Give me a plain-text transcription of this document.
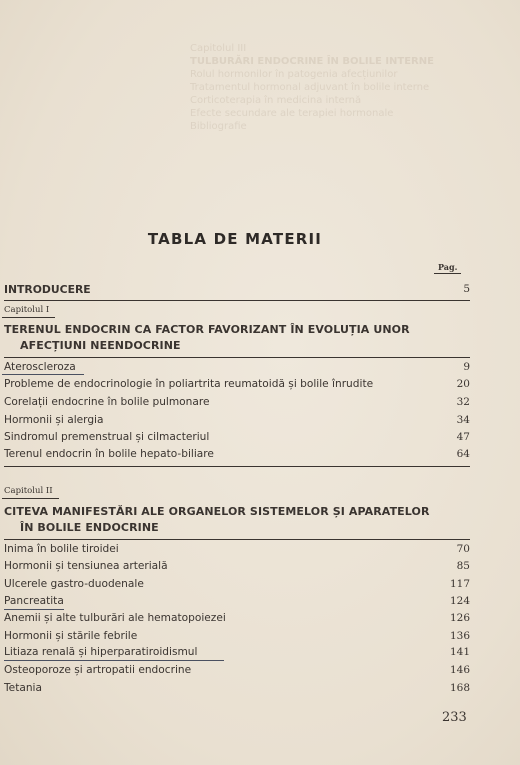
Capitolul III
TULBURĂRI ENDOCRINE ÎN BOLILE INTERNE
Rolul hormonilor în patogenia afecțiunilor
Tratamentul hormonal adjuvant în bolile interne
Corticoterapia în medicina internă
Efecte secundare ale terapiei hormonale
Bibliografie
TABLA DE MATERII
Pag.
INTRODUCERE	5
Capitolul I
TERENUL ENDOCRIN CA FACTOR FAVORIZANT ÎN EVOLUȚIA UNOR
AFECȚIUNI NEENDOCRINE
Ateroscleroza	9
Probleme de endocrinologie în poliartrita reumatoidă și bolile înrudite	20
Corelații endocrine în bolile pulmonare	32
Hormonii și alergia	34
Sindromul premenstrual și cilmacteriul	47
Terenul endocrin în bolile hepato-biliare	64
Capitolul II
CITEVA MANIFESTĂRI ALE ORGANELOR SISTEMELOR ȘI APARATELOR
ÎN BOLILE ENDOCRINE
Inima în bolile tiroidei	70
Hormonii și tensiunea arterială	85
Ulcerele gastro-duodenale	117
Pancreatita	124
Anemii și alte tulburări ale hematopoiezei	126
Hormonii și stările febrile	136
Litiaza renală și hiperparatiroidismul	141
Osteoporoze și artropatii endocrine	146
Tetania	168
233
